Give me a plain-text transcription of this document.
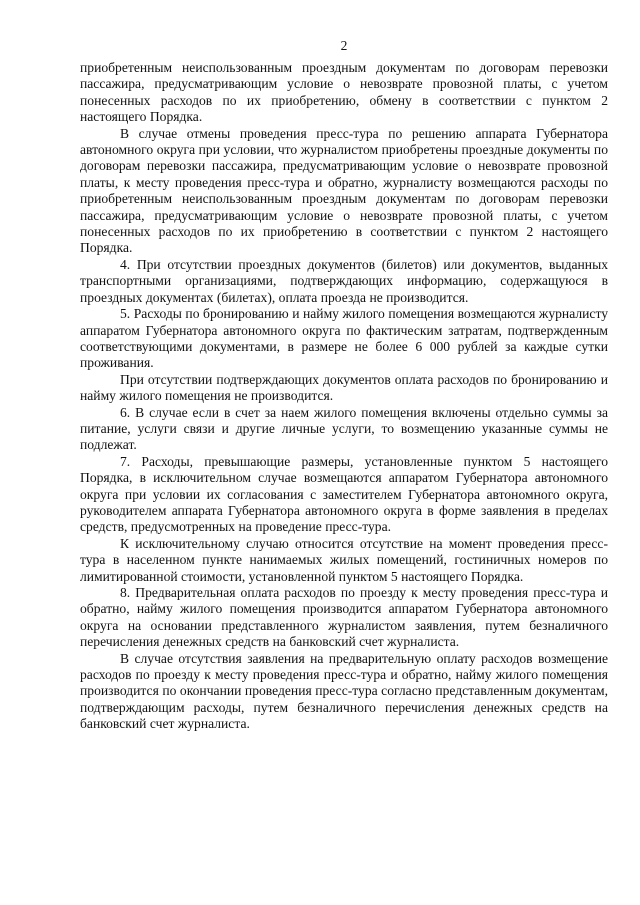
2

приобретенным неиспользованным проездным документам по договорам перевозки пассажира, предусматривающим условие о невозврате провозной платы, с учетом понесенных расходов по их приобретению, обмену в соответствии с пунктом 2 настоящего Порядка.

В случае отмены проведения пресс-тура по решению аппарата Губернатора автономного округа при условии, что журналистом приобретены проездные документы по договорам перевозки пассажира, предусматривающим условие о невозврате провозной платы, к месту проведения пресс-тура и обратно, журналисту возмещаются расходы по приобретенным неиспользованным проездным документам по договорам перевозки пассажира, предусматривающим условие о невозврате провозной платы, с учетом понесенных расходов по их приобретению в соответствии с пунктом 2 настоящего Порядка.

4. При отсутствии проездных документов (билетов) или документов, выданных транспортными организациями, подтверждающих информацию, содержащуюся в проездных документах (билетах), оплата проезда не производится.

5. Расходы по бронированию и найму жилого помещения возмещаются журналисту аппаратом Губернатора автономного округа по фактическим затратам, подтвержденным соответствующими документами, в размере не более 6 000 рублей за каждые сутки проживания.

При отсутствии подтверждающих документов оплата расходов по бронированию и найму жилого помещения не производится.

6. В случае если в счет за наем жилого помещения включены отдельно суммы за питание, услуги связи и другие личные услуги, то возмещению указанные суммы не подлежат.

7. Расходы, превышающие размеры, установленные пунктом 5 настоящего Порядка, в исключительном случае возмещаются аппаратом Губернатора автономного округа при условии их согласования с заместителем Губернатора автономного округа, руководителем аппарата Губернатора автономного округа в форме заявления в пределах средств, предусмотренных на проведение пресс-тура.

К исключительному случаю относится отсутствие на момент проведения пресс-тура в населенном пункте нанимаемых жилых помещений, гостиничных номеров по лимитированной стоимости, установленной пунктом 5 настоящего Порядка.

8. Предварительная оплата расходов по проезду к месту проведения пресс-тура и обратно, найму жилого помещения производится аппаратом Губернатора автономного округа на основании представленного журналистом заявления, путем безналичного перечисления денежных средств на банковский счет журналиста.

В случае отсутствия заявления на предварительную оплату расходов возмещение расходов по проезду к месту проведения пресс-тура и обратно, найму жилого помещения производится по окончании проведения пресс-тура согласно представленным документам, подтверждающим расходы, путем безналичного перечисления денежных средств на банковский счет журналиста.
